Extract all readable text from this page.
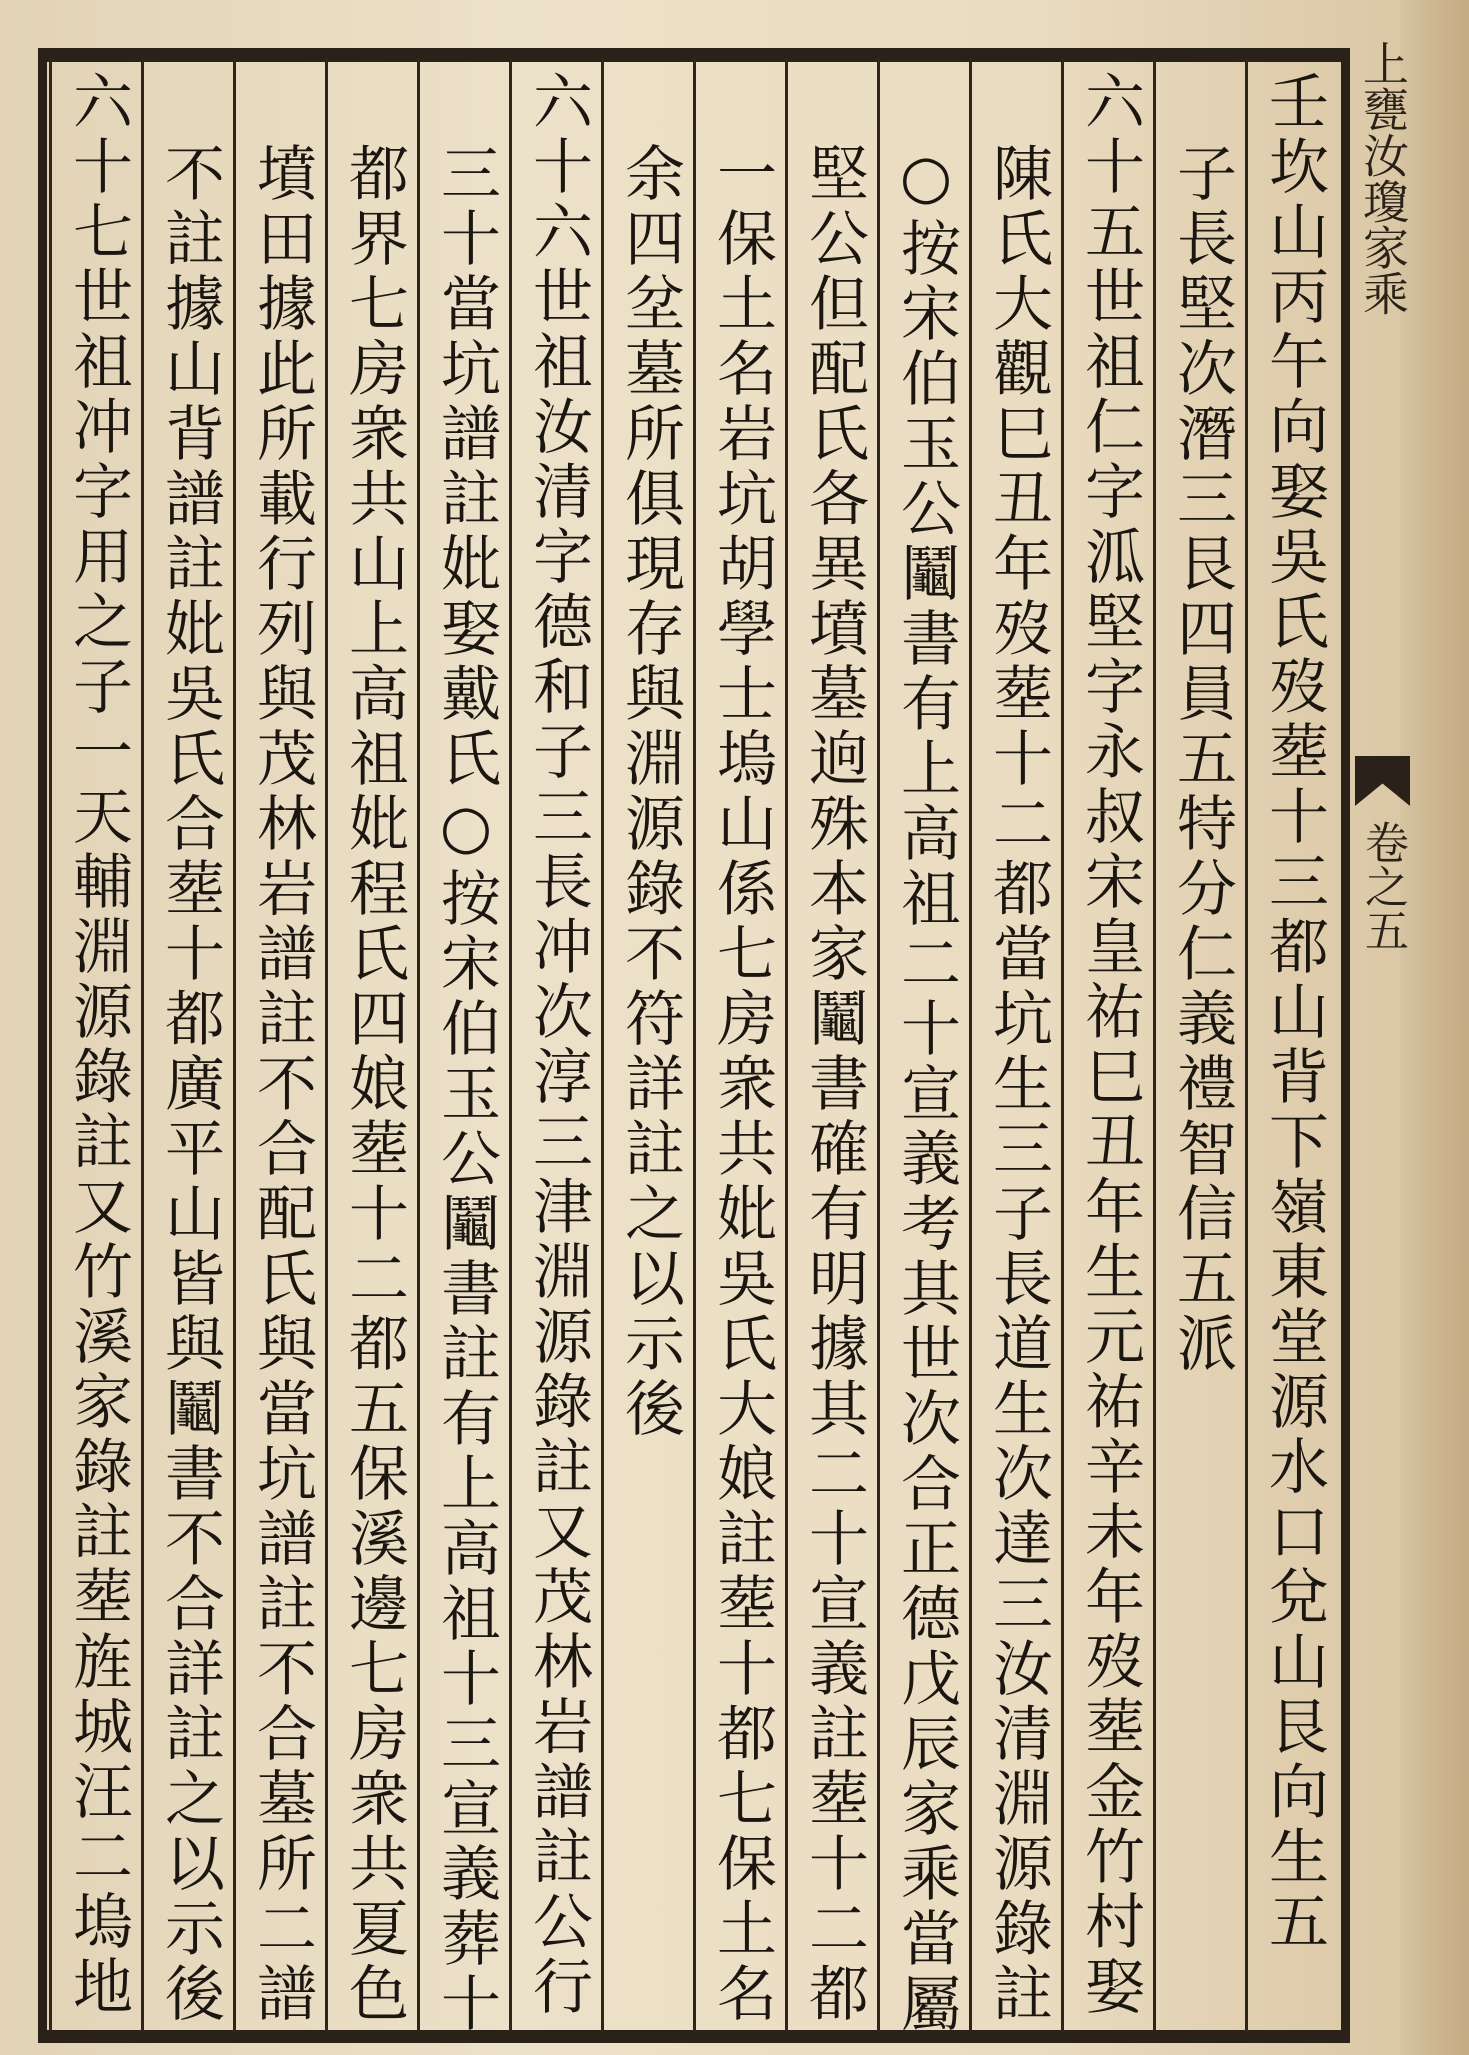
上甕汝瓊家乘
卷之五
壬坎山丙午向娶吳氏歿塟十三都山背下嶺東堂源水口兌山艮向生五
子長堅次潛三艮四員五特分仁義禮智信五派
六十五世祖仁字泒堅字永叔宋皇祐巳丑年生元祐辛未年歿塟金竹村娶
陳氏大觀巳丑年歿塟十二都當坑生三子長道生次達三汝清淵源錄註
○按宋伯玉公鬮書有上高祖二十宣義考其世次合正德戊辰家乘當屬
堅公但配氏各異墳墓逈殊本家鬮書確有明據其二十宣義註塟十二都
一保土名岩坑胡學士塢山係七房衆共妣吳氏大娘註塟十都七保土名
余四坌墓所俱現存與淵源錄不符詳註之以示後
六十六世祖汝清字德和子三長冲次淳三津淵源錄註又茂林岩譜註公行
三十當坑譜註妣娶戴氏○按宋伯玉公鬮書註有上高祖十三宣義葬十
都界七房衆共山上高祖妣程氏四娘塟十二都五保溪邊七房衆共夏色
墳田據此所載行列與茂林岩譜註不合配氏與當坑譜註不合墓所二譜
不註據山背譜註妣吳氏合塟十都廣平山皆與鬮書不合詳註之以示後
六十七世祖冲字用之子一天輔淵源錄註又竹溪家錄註塟旌城汪二塢地
